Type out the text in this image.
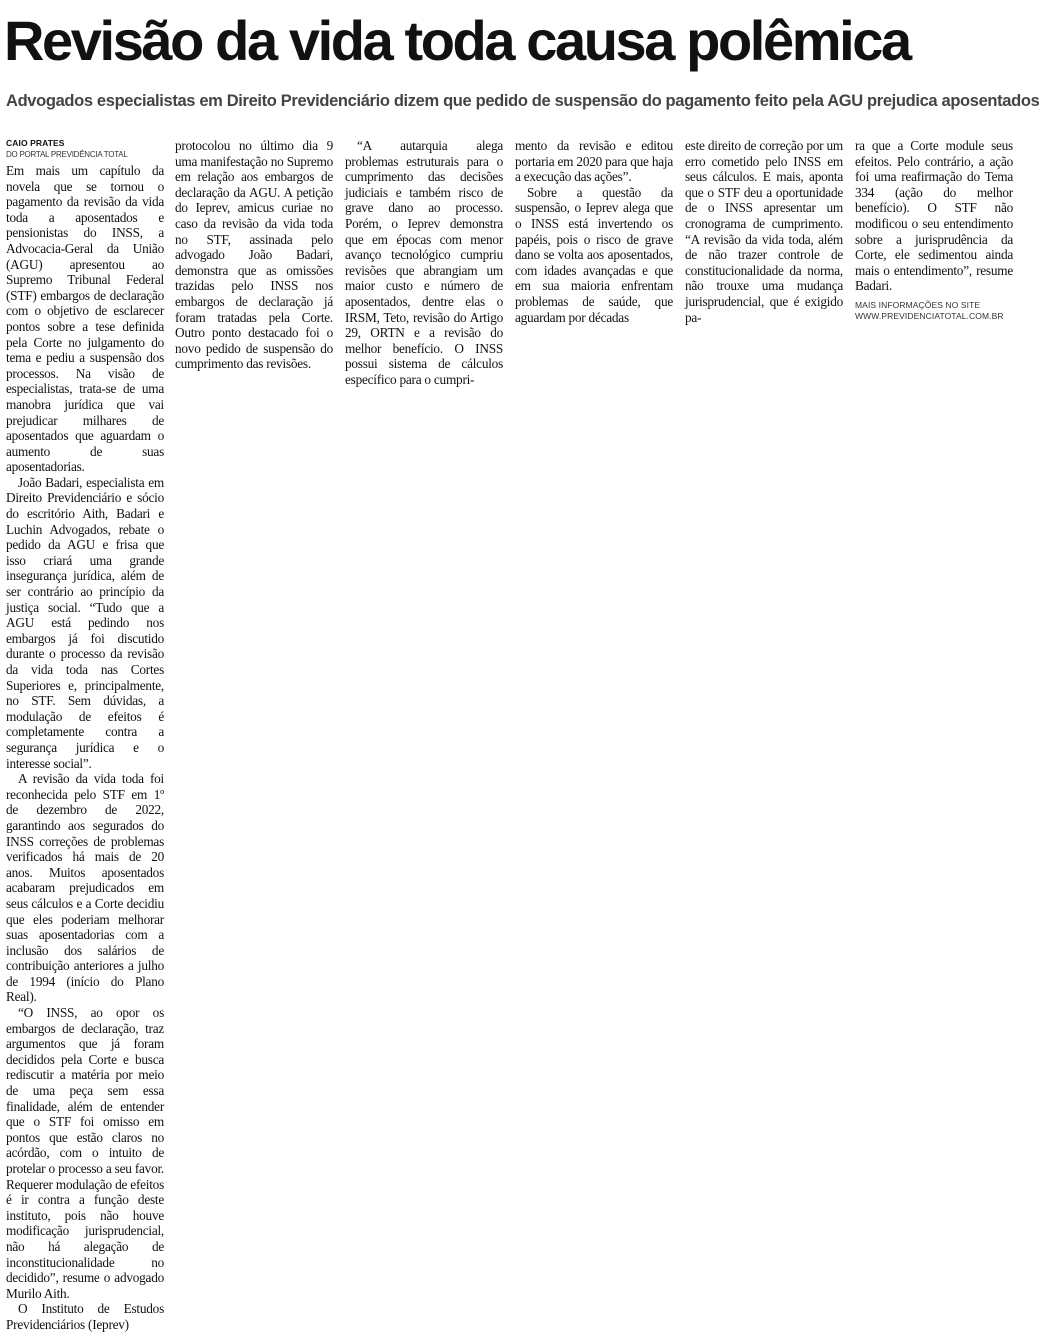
Revisão da vida toda causa polêmica
Advogados especialistas em Direito Previdenciário dizem que pedido de suspensão do pagamento feito pela AGU prejudica aposentados
CAIO PRATES
DO PORTAL PREVIDÊNCIA TOTAL

Em mais um capítulo da novela que se tornou o pagamento da revisão da vida toda a aposentados e pensionistas do INSS, a Advocacia-Geral da União (AGU) apresentou ao Supremo Tribunal Federal (STF) embargos de declaração com o objetivo de esclarecer pontos sobre a tese definida pela Corte no julgamento do tema e pediu a suspensão dos processos. Na visão de especialistas, trata-se de uma manobra jurídica que vai prejudicar milhares de aposentados que aguardam o aumento de suas aposentadorias.

João Badari, especialista em Direito Previdenciário e sócio do escritório Aith, Badari e Luchin Advogados, rebate o pedido da AGU e frisa que isso criará uma grande insegurança jurídica, além de ser contrário ao princípio da justiça social. “Tudo que a AGU está pedindo nos embargos já foi discutido durante o processo da revisão da vida toda nas Cortes Superiores e, principalmente, no STF. Sem dúvidas, a modulação de efeitos é completamente contra a segurança jurídica e o interesse social”.

A revisão da vida toda foi reconhecida pelo STF em 1º de dezembro de 2022, garantindo aos segurados do INSS correções de problemas verificados há mais de 20 anos. Muitos aposentados acabaram prejudicados em seus cálculos e a Corte decidiu que eles poderiam melhorar suas aposentadorias com a inclusão dos salários de contribuição anteriores a julho de 1994 (início do Plano Real).

“O INSS, ao opor os embargos de declaração, traz argumentos que já foram decididos pela Corte e busca rediscutir a matéria por meio de uma peça sem essa finalidade, além de entender que o STF foi omisso em pontos que estão claros no acórdão, com o intuito de protelar o processo a seu favor. Requerer modulação de efeitos é ir contra a função deste instituto, pois não houve modificação jurisprudencial, não há alegação de inconstitucionalidade no decidido”, resume o advogado Murilo Aith.

O Instituto de Estudos Previdenciários (Ieprev)

protocolou no último dia 9 uma manifestação no Supremo em relação aos embargos de declaração da AGU. A petição do Ieprev, amicus curiae no caso da revisão da vida toda no STF, assinada pelo advogado João Badari, demonstra que as omissões trazidas pelo INSS nos embargos de declaração já foram tratadas pela Corte. Outro ponto destacado foi o novo pedido de suspensão do cumprimento das revisões.

“A autarquia alega problemas estruturais para o cumprimento das decisões judiciais e também risco de grave dano ao processo. Porém, o Ieprev demonstra que em épocas com menor avanço tecnológico cumpriu revisões que abrangiam um maior custo e número de aposentados, dentre elas o IRSM, Teto, revisão do Artigo 29, ORTN e a revisão do melhor benefício. O INSS possui sistema de cálculos específico para o cumpri-

mento da revisão e editou portaria em 2020 para que haja a execução das ações”.

Sobre a questão da suspensão, o Ieprev alega que o INSS está invertendo os papéis, pois o risco de grave dano se volta aos aposentados, com idades avançadas e que em sua maioria enfrentam problemas de saúde, que aguardam por décadas

este direito de correção por um erro cometido pelo INSS em seus cálculos. E mais, aponta que o STF deu a oportunidade de o INSS apresentar um cronograma de cumprimento. “A revisão da vida toda, além de não trazer controle de constitucionalidade da norma, não trouxe uma mudança jurisprudencial, que é exigido pa-

ra que a Corte module seus efeitos. Pelo contrário, a ação foi uma reafirmação do Tema 334 (ação do melhor benefício). O STF não modificou o seu entendimento sobre a jurisprudência da Corte, ele sedimentou ainda mais o entendimento”, resume Badari.

MAIS INFORMAÇÕES NO SITE
WWW.PREVIDENCIATOTAL.COM.BR
